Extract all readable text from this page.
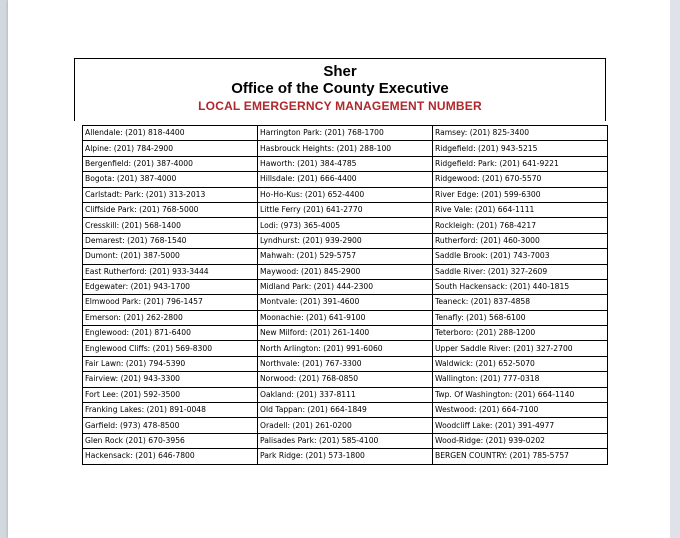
Sher
Office of the County Executive
LOCAL EMERGERNCY MANAGEMENT NUMBER
Allendale: (201) 818-4400	Harrington Park: (201) 768-1700	Ramsey: (201) 825-3400
Alpine: (201) 784-2900	Hasbrouck Heights: (201) 288-100	Ridgefield: (201) 943-5215
Bergenfield: (201) 387-4000	Haworth: (201) 384-4785	Ridgefield: Park: (201) 641-9221
Bogota: (201) 387-4000	Hillsdale: (201) 666-4400	Ridgewood: (201) 670-5570
Carlstadt: Park: (201) 313-2013	Ho-Ho-Kus: (201) 652-4400	River Edge: (201) 599-6300
Cliffside Park: (201) 768-5000	Little Ferry (201) 641-2770	Rive Vale: (201) 664-1111
Cresskill: (201) 568-1400	Lodi: (973) 365-4005	Rockleigh: (201) 768-4217
Demarest: (201) 768-1540	Lyndhurst: (201) 939-2900	Rutherford: (201) 460-3000
Dumont: (201) 387-5000	Mahwah: (201) 529-5757	Saddle Brook: (201) 743-7003
East Rutherford: (201) 933-3444	Maywood: (201) 845-2900	Saddle River: (201) 327-2609
Edgewater: (201) 943-1700	Midland Park: (201) 444-2300	South Hackensack: (201) 440-1815
Elmwood Park: (201) 796-1457	Montvale: (201) 391-4600	Teaneck: (201) 837-4858
Emerson: (201) 262-2800	Moonachie: (201) 641-9100	Tenafly: (201) 568-6100
Englewood: (201) 871-6400	New Milford: (201) 261-1400	Teterboro: (201) 288-1200
Englewood Cliffs: (201) 569-8300	North Arlington: (201) 991-6060	Upper Saddle River: (201) 327-2700
Fair Lawn: (201) 794-5390	Northvale: (201) 767-3300	Waldwick: (201) 652-5070
Fairview: (201) 943-3300	Norwood: (201) 768-0850	Wallington: (201) 777-0318
Fort Lee: (201) 592-3500	Oakland: (201) 337-8111	Twp. Of Washington: (201) 664-1140
Franking Lakes: (201) 891-0048	Old Tappan: (201) 664-1849	Westwood: (201) 664-7100
Garfield: (973) 478-8500	Oradell: (201) 261-0200	Woodcliff Lake: (201) 391-4977
Glen Rock (201) 670-3956	Palisades Park: (201) 585-4100	Wood-Ridge: (201) 939-0202
Hackensack: (201) 646-7800	Park Ridge: (201) 573-1800	BERGEN COUNTRY: (201) 785-5757
